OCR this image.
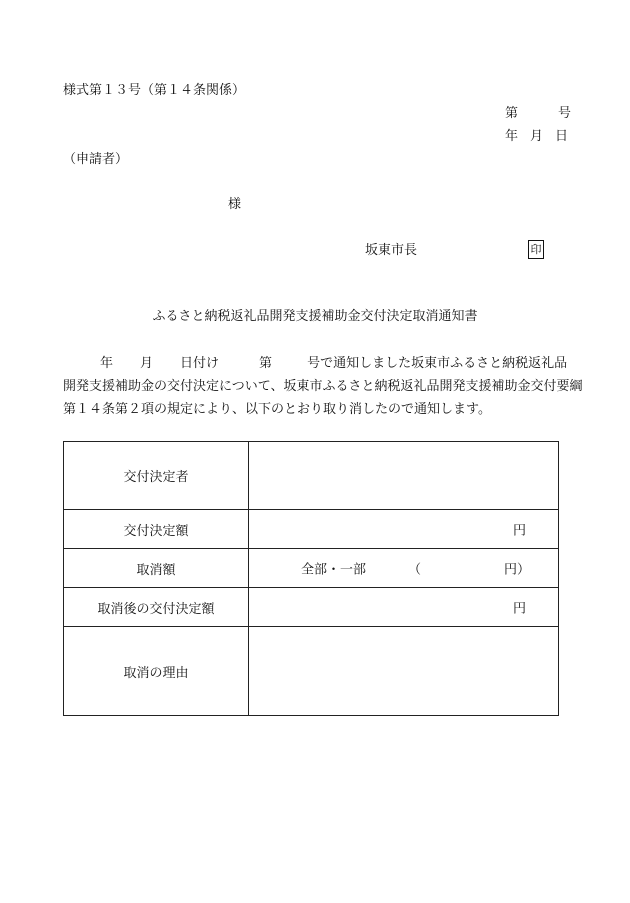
様式第１３号（第１４条関係）
第	号
年 月 日
（申請者）
様
坂東市長	印
ふるさと納税返礼品開発支援補助金交付決定取消通知書
年 月 日付け	第	号で通知しました坂東市ふるさと納税返礼品
開発支援補助金の交付決定について、坂東市ふるさと納税返礼品開発支援補助金交付要綱
第１４条第２項の規定により、以下のとおり取り消したので通知します。
交付決定者	
交付決定額	円

取消額	全部・一部 （ 円）

取消後の交付決定額	円

取消の理由	
